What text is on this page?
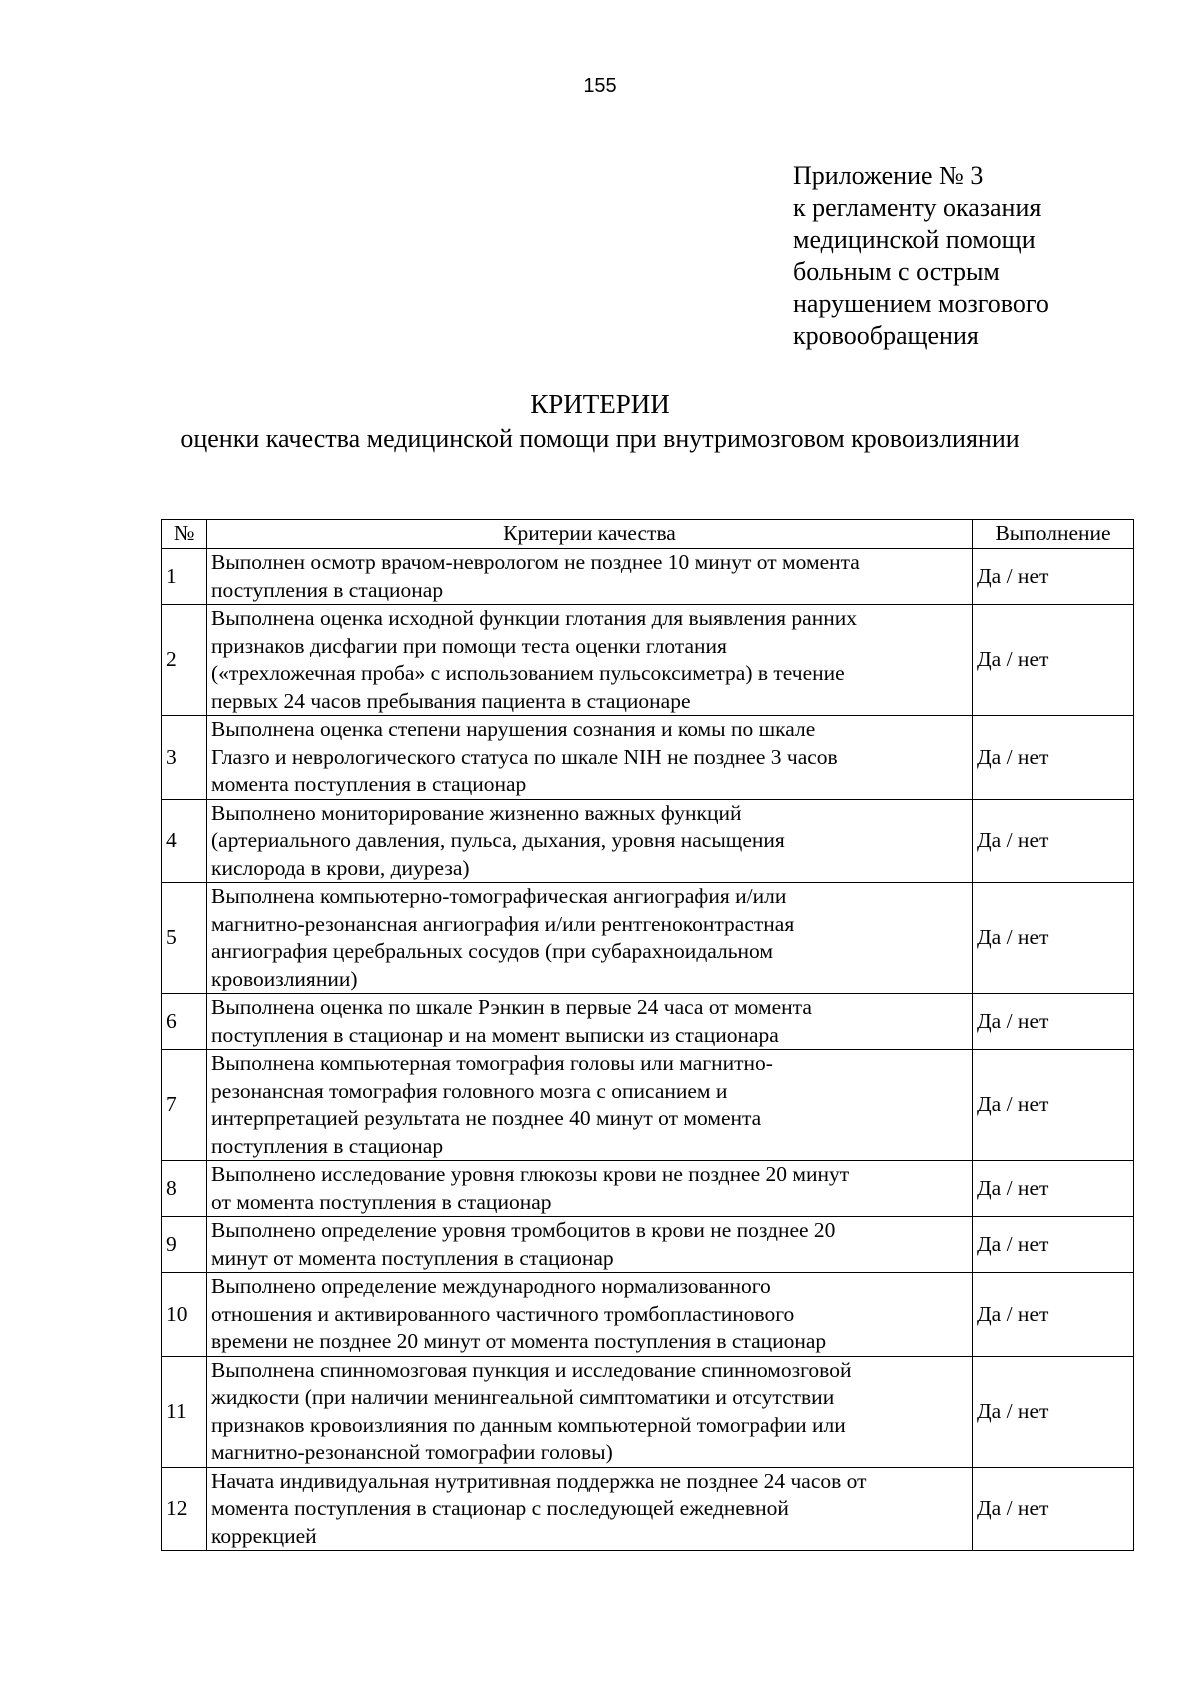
155
Приложение № 3
к регламенту оказания
медицинской помощи
больным с острым
нарушением мозгового
кровообращения
КРИТЕРИИ
оценки качества медицинской помощи при внутримозговом кровоизлиянии
№	Критерии качества	Выполнение
1	Выполнен осмотр врачом-неврологом не позднее 10 минут от момента
поступления в стационар	Да / нет
2	Выполнена оценка исходной функции глотания для выявления ранних
признаков дисфагии при помощи теста оценки глотания
(«трехложечная проба» с использованием пульсоксиметра) в течение
первых 24 часов пребывания пациента в стационаре	Да / нет
3	Выполнена оценка степени нарушения сознания и комы по шкале
Глазго и неврологического статуса по шкале NIH не позднее 3 часов
момента поступления в стационар	Да / нет
4	Выполнено мониторирование жизненно важных функций
(артериального давления, пульса, дыхания, уровня насыщения
кислорода в крови, диуреза)	Да / нет
5	Выполнена компьютерно-томографическая ангиография и/или
магнитно-резонансная ангиография и/или рентгеноконтрастная
ангиография церебральных сосудов (при субарахноидальном
кровоизлиянии)	Да / нет
6	Выполнена оценка по шкале Рэнкин в первые 24 часа от момента
поступления в стационар и на момент выписки из стационара	Да / нет
7	Выполнена компьютерная томография головы или магнитно-
резонансная томография головного мозга с описанием и
интерпретацией результата не позднее 40 минут от момента
поступления в стационар	Да / нет
8	Выполнено исследование уровня глюкозы крови не позднее 20 минут
от момента поступления в стационар	Да / нет
9	Выполнено определение уровня тромбоцитов в крови не позднее 20
минут от момента поступления в стационар	Да / нет
10	Выполнено определение международного нормализованного
отношения и активированного частичного тромбопластинового
времени не позднее 20 минут от момента поступления в стационар	Да / нет
11	Выполнена спинномозговая пункция и исследование спинномозговой
жидкости (при наличии менингеальной симптоматики и отсутствии
признаков кровоизлияния по данным компьютерной томографии или
магнитно-резонансной томографии головы)	Да / нет
12	Начата индивидуальная нутритивная поддержка не позднее 24 часов от
момента поступления в стационар с последующей ежедневной
коррекцией	Да / нет
